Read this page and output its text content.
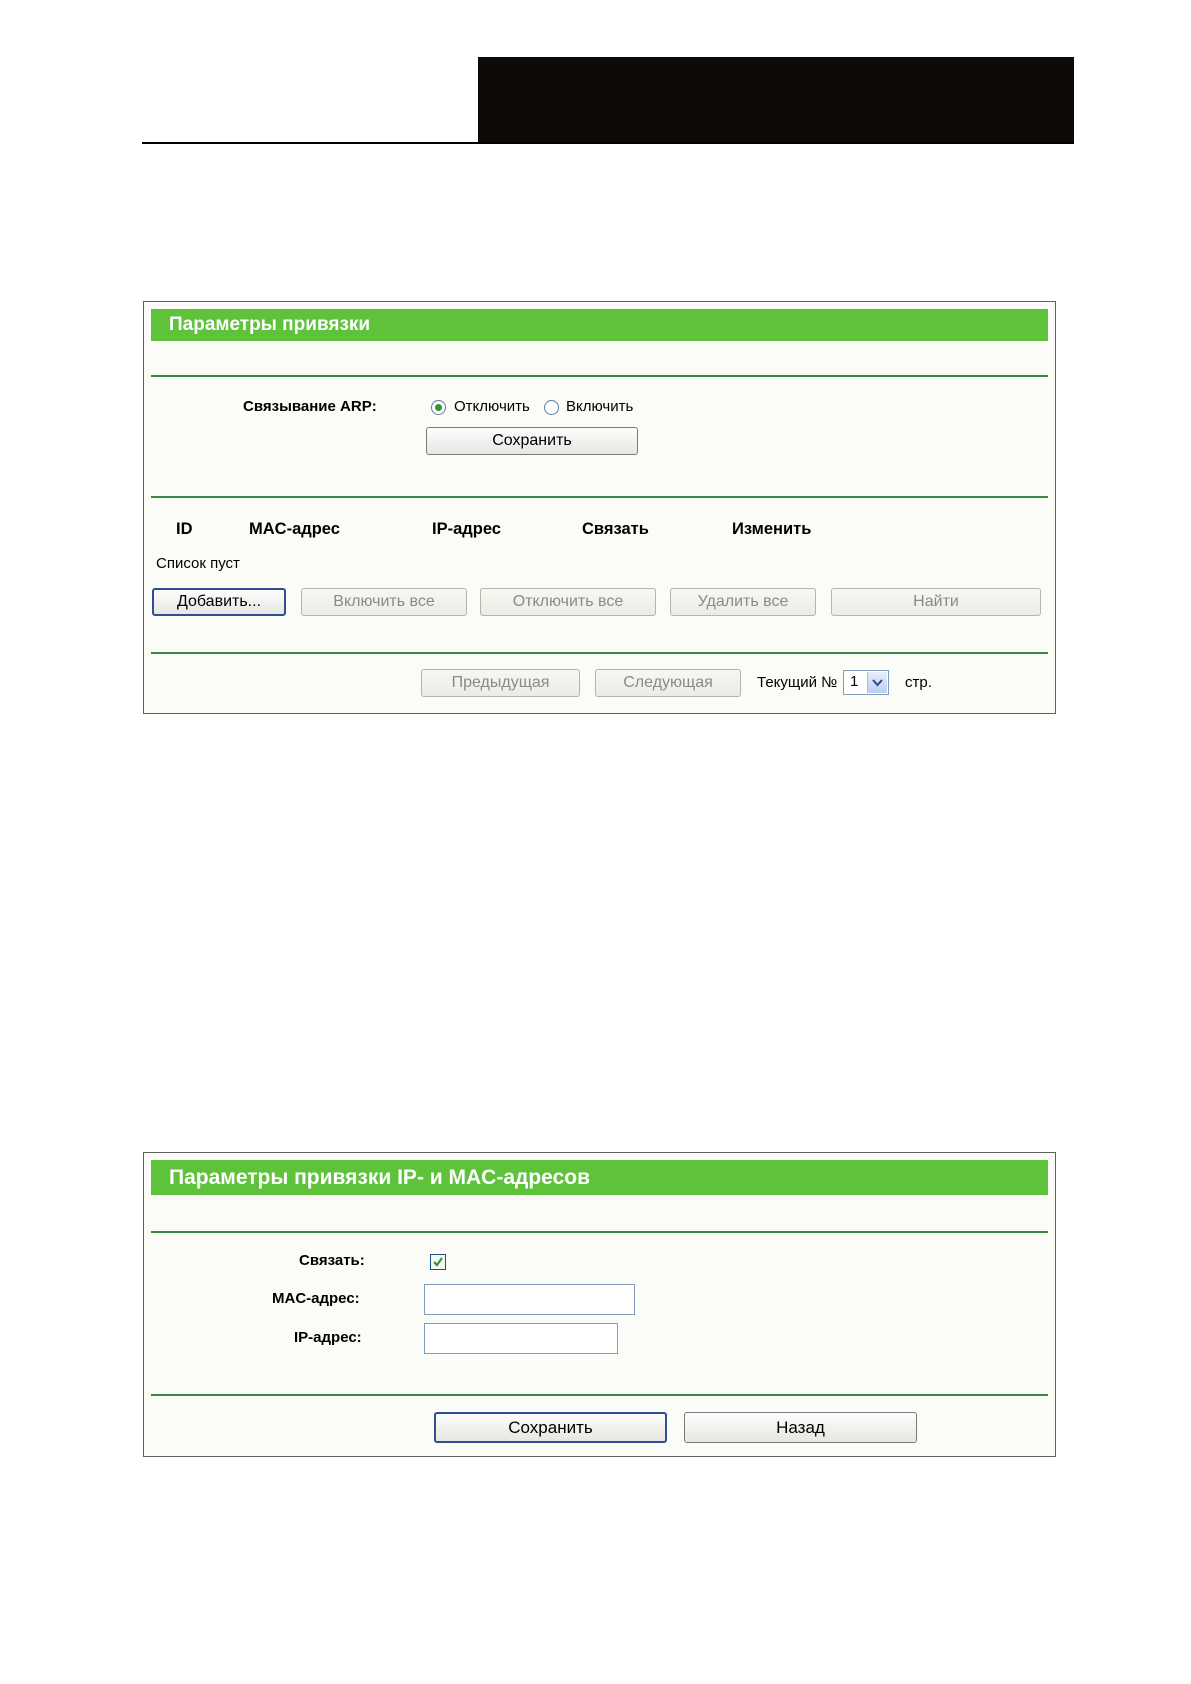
Параметры привязки
Связывание ARP:	Отключить Включить
Сохранить
ID	MAC-адрес	IP-адрес	Связать	Изменить
Список пуст
Добавить...	Включить все	Отключить все	Удалить все	Найти
Предыдущая	Следующая	Текущий № 1	стр.
Параметры привязки IP- и MAC-адресов
Связать:
MAC-адрес:
IP-адрес:
Сохранить	Назад
